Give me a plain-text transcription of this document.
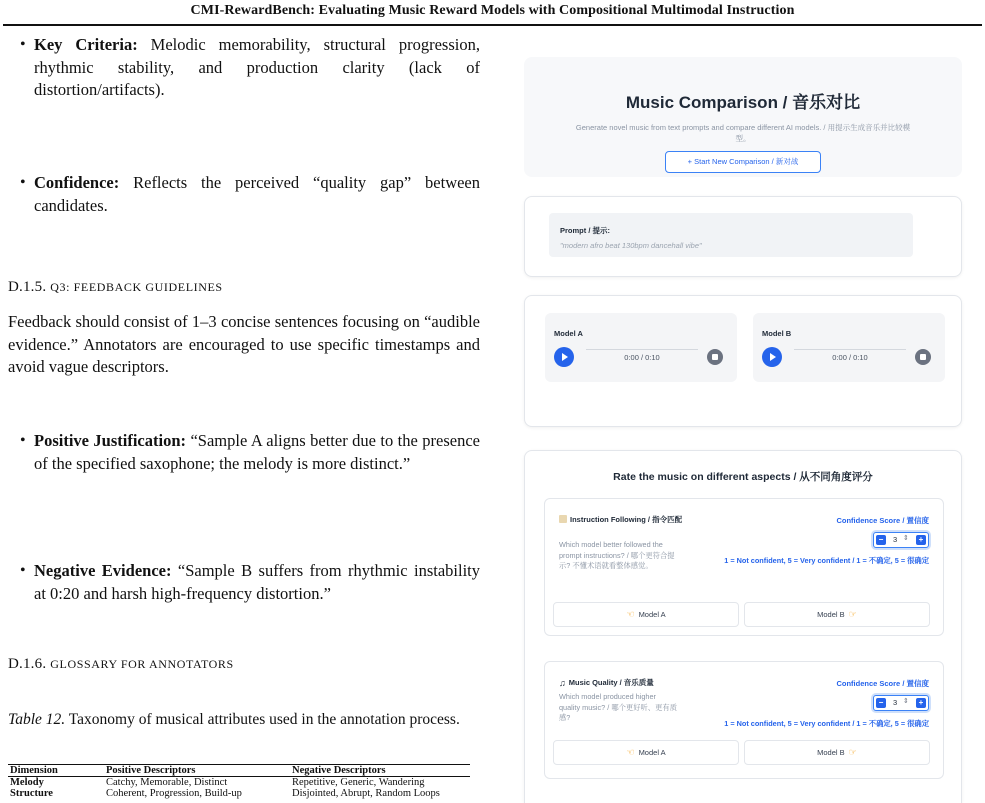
CMI-RewardBench: Evaluating Music Reward Models with Compositional Multimodal Instruction
• Key Criteria: Melodic memorability, structural progression, rhythmic stability, and production clarity (lack of distortion/artifacts).
• Confidence: Reflects the perceived “quality gap” between candidates.
D.1.5. Q3: FEEDBACK GUIDELINES
Feedback should consist of 1–3 concise sentences focusing on “audible evidence.” Annotators are encouraged to use specific timestamps and avoid vague descriptors.
• Positive Justification: “Sample A aligns better due to the presence of the specified saxophone; the melody is more distinct.”
• Negative Evidence: “Sample B suffers from rhythmic instability at 0:20 and harsh high-frequency distortion.”
D.1.6. GLOSSARY FOR ANNOTATORS
Table 12. Taxonomy of musical attributes used in the annotation process.
Dimension	Positive Descriptors	Negative Descriptors
Melody	Catchy, Memorable, Distinct	Repetitive, Generic, Wandering
Structure	Coherent, Progression, Build-up	Disjointed, Abrupt, Random Loops
Music Comparison / 音乐对比
Generate novel music from text prompts and compare different AI models. / 用提示生成音乐并比较模型。
+ Start New Comparison / 新对战
Prompt / 提示:
"modern afro beat 130bpm dancehall vibe"
Model A
0:00 / 0:10
Model B
0:00 / 0:10
Rate the music on different aspects / 从不同角度评分
Instruction Following / 指令匹配
Which model better followed the prompt instructions? / 哪个更符合提示? 不懂术语就看整体感觉。
Confidence Score / 置信度
−	3 ⇕	+
1 = Not confident, 5 = Very confident / 1 = 不确定, 5 = 很确定
☜ Model A	Model B ☞
♫ Music Quality / 音乐质量
Which model produced higher quality music? / 哪个更好听、更有质感?
Confidence Score / 置信度
−	3 ⇕	+
1 = Not confident, 5 = Very confident / 1 = 不确定, 5 = 很确定
☜ Model A	Model B ☞
